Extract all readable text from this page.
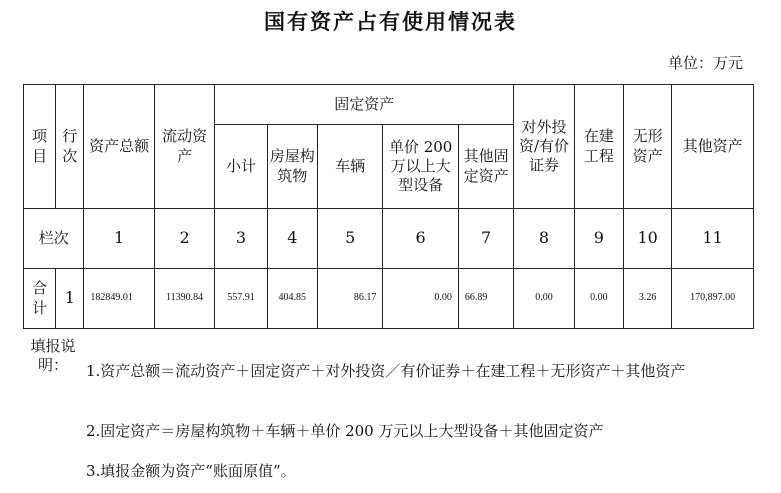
国有资产占有使用情况表
单位：万元
项目	行次	资产总额	流动资产	固定资产					对外投资/有价证券	在建工程	无形资产	其他资产
				小计	房屋构筑物	车辆	单价 200 万以上大型设备	其他固定资产				
栏次		1	2	3	4	5	6	7	8	9	10	11
合计	1	182849.01	11390.84	557.91	404.85	86.17	0.00	66.89	0.00	0.00	3.26	170,897.00
填报说明：	1.资产总额＝流动资产＋固定资产＋对外投资／有价证券＋在建工程＋无形资产＋其他资产
2.固定资产＝房屋构筑物＋车辆＋单价 200 万元以上大型设备＋其他固定资产
3.填报金额为资产“账面原值”。
